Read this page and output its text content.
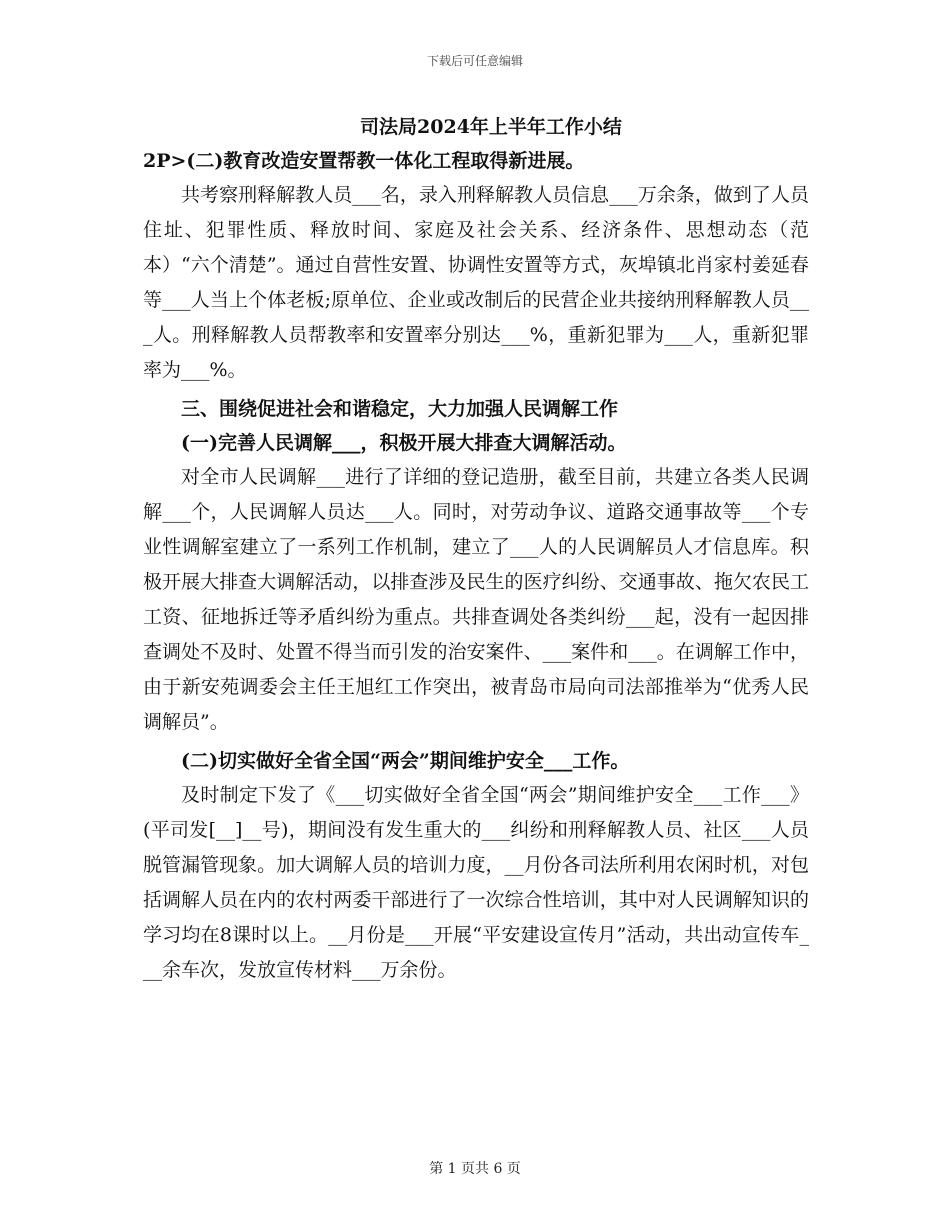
下载后可任意编辑
司法局2024年上半年工作小结

2P>(二)教育改造安置帮教一体化工程取得新进展。

共考察刑释解教人员___名，录入刑释解教人员信息___万余条，做到了人员住址、犯罪性质、释放时间、家庭及社会关系、经济条件、思想动态（范本）“六个清楚”。通过自营性安置、协调性安置等方式，灰埠镇北肖家村姜延春等___人当上个体老板;原单位、企业或改制后的民营企业共接纳刑释解教人员___人。刑释解教人员帮教率和安置率分别达___%，重新犯罪为___人，重新犯罪率为___%。

三、围绕促进社会和谐稳定，大力加强人民调解工作

(一)完善人民调解___，积极开展大排查大调解活动。

对全市人民调解___进行了详细的登记造册，截至目前，共建立各类人民调解___个，人民调解人员达___人。同时，对劳动争议、道路交通事故等___个专业性调解室建立了一系列工作机制，建立了___人的人民调解员人才信息库。积极开展大排查大调解活动，以排查涉及民生的医疗纠纷、交通事故、拖欠农民工工资、征地拆迁等矛盾纠纷为重点。共排查调处各类纠纷___起，没有一起因排查调处不及时、处置不得当而引发的治安案件、___案件和___。在调解工作中，由于新安苑调委会主任王旭红工作突出，被青岛市局向司法部推举为“优秀人民调解员”。

(二)切实做好全省全国“两会”期间维护安全___工作。

及时制定下发了《___切实做好全省全国“两会”期间维护安全___工作___》(平司发[__]__号)，期间没有发生重大的___纠纷和刑释解教人员、社区___人员脱管漏管现象。加大调解人员的培训力度，__月份各司法所利用农闲时机，对包括调解人员在内的农村两委干部进行了一次综合性培训，其中对人民调解知识的学习均在8课时以上。__月份是___开展“平安建设宣传月”活动，共出动宣传车___余车次，发放宣传材料___万余份。

第 1 页共 6 页
